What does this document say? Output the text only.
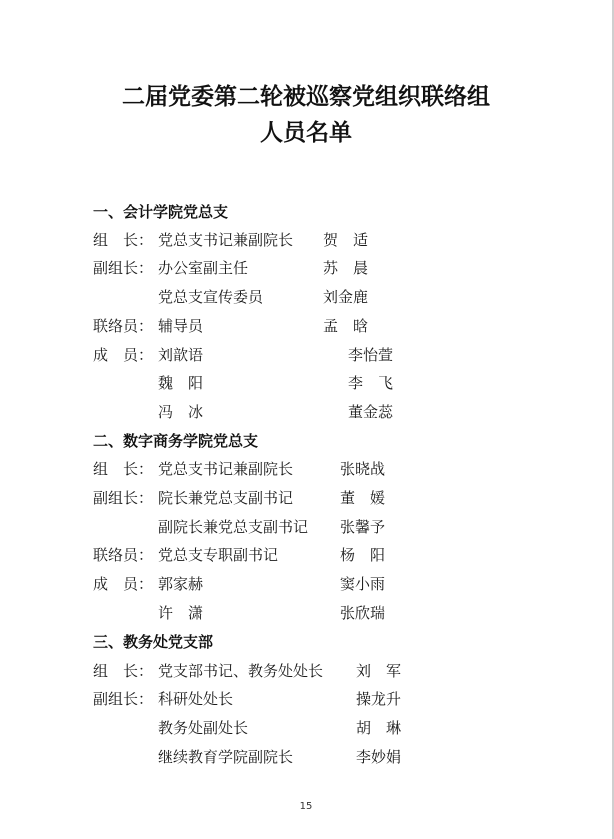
二届党委第二轮被巡察党组织联络组
人员名单
一、会计学院党总支
组　长： 党总支书记兼副院长 贺　适
副组长： 办公室副主任	苏　晨
党总支宣传委员	刘金鹿
联络员： 辅导员	孟　晗
成　员： 刘歆语	李怡萱
魏　阳	李　飞
冯　冰	董金蕊
二、数字商务学院党总支
组　长： 党总支书记兼副院长	张晓战
副组长： 院长兼党总支副书记	董　媛
副院长兼党总支副书记 张馨予
联络员： 党总支专职副书记	杨　阳
成　员： 郭家赫	窦小雨
许　潇	张欣瑞
三、教务处党支部
组　长： 党支部书记、教务处处长 刘　军
副组长： 科研处处长	操龙升
教务处副处长	胡　琳
继续教育学院副院长	李妙娟
15
